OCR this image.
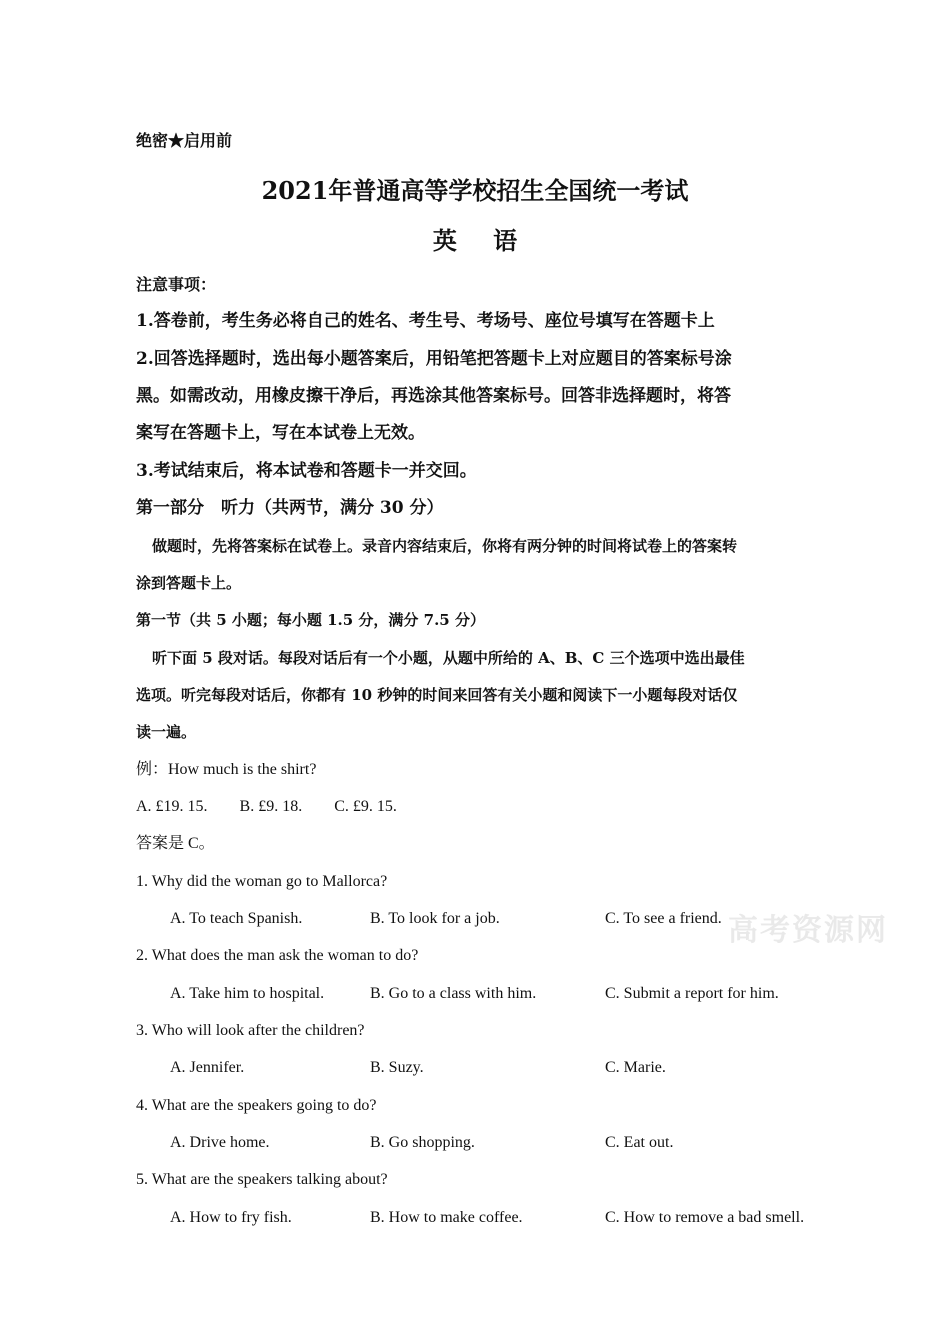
绝密★启用前
2021年普通高等学校招生全国统一考试
英 语
注意事项：
1.答卷前，考生务必将自己的姓名、考生号、考场号、座位号填写在答题卡上
2.回答选择题时，选出每小题答案后，用铅笔把答题卡上对应题目的答案标号涂
黑。如需改动，用橡皮擦干净后，再选涂其他答案标号。回答非选择题时，将答
案写在答题卡上，写在本试卷上无效。
3.考试结束后，将本试卷和答题卡一并交回。
第一部分　听力（共两节，满分 30 分）
做题时，先将答案标在试卷上。录音内容结束后，你将有两分钟的时间将试卷上的答案转
涂到答题卡上。
第一节（共 5 小题；每小题 1.5 分，满分 7.5 分）
听下面 5 段对话。每段对话后有一个小题，从题中所给的 A、B、C 三个选项中选出最佳
选项。听完每段对话后，你都有 10 秒钟的时间来回答有关小题和阅读下一小题每段对话仅
读一遍。
例：How much is the shirt?
A. £19. 15.　　B. £9. 18.　　C. £9. 15.
答案是 C。
1. Why did the woman go to Mallorca?
A. To teach Spanish.	B. To look for a job.	C. To see a friend. 高考资源网
2. What does the man ask the woman to do?
A. Take him to hospital.	B. Go to a class with him.	C. Submit a report for him.
3. Who will look after the children?
A. Jennifer.	B. Suzy.	C. Marie.
4. What are the speakers going to do?
A. Drive home.	B. Go shopping.	C. Eat out.
5. What are the speakers talking about?
A. How to fry fish.	B. How to make coffee.	C. How to remove a bad smell.
